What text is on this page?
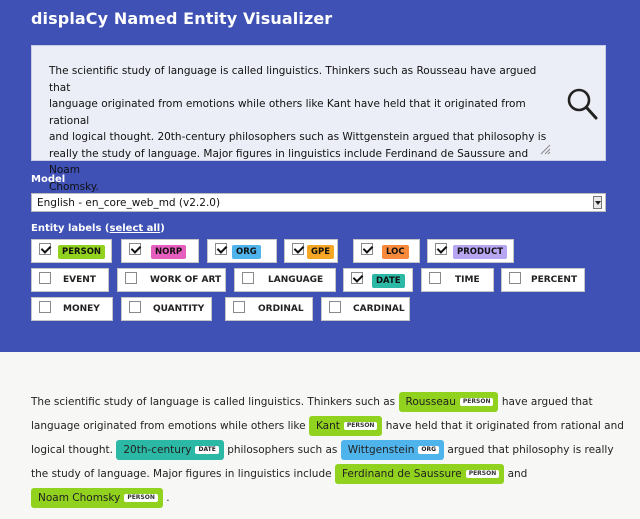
displaCy Named Entity Visualizer
The scientific study of language is called linguistics. Thinkers such as Rousseau have argued that
language originated from emotions while others like Kant have held that it originated from rational
and logical thought. 20th-century philosophers such as Wittgenstein argued that philosophy is
really the study of language. Major figures in linguistics include Ferdinand de Saussure and Noam
Chomsky.
Model
English - en_core_web_md (v2.2.0)
Entity labels (select all)
PERSON	NORP	ORG	GPE	LOC	PRODUCT
EVENT	WORK OF ART	LANGUAGE	DATE	TIME	PERCENT
MONEY	QUANTITY	ORDINAL	CARDINAL
The scientific study of language is called linguistics. Thinkers such as Rousseau PERSON have argued that
language originated from emotions while others like Kant PERSON have held that it originated from rational and
logical thought. 20th-century DATE philosophers such as Wittgenstein ORG argued that philosophy is really
the study of language. Major figures in linguistics include Ferdinand de Saussure PERSON and
Noam Chomsky PERSON .
